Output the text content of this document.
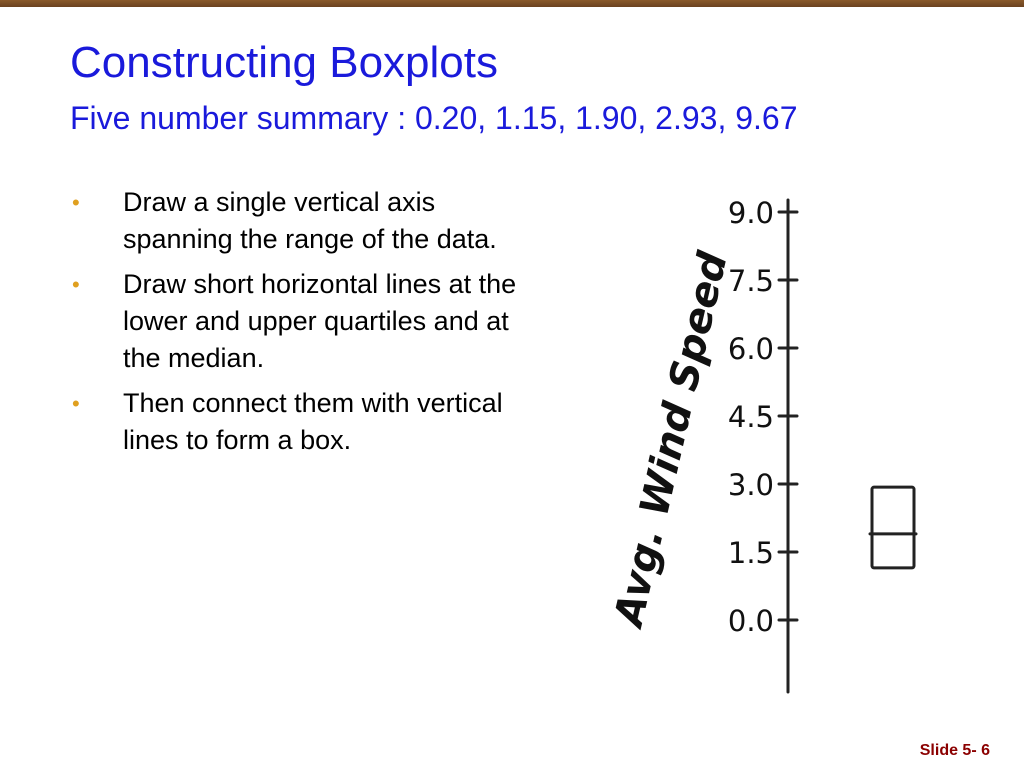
Constructing Boxplots
Five number summary : 0.20, 1.15, 1.90, 2.93, 9.67
• Draw a single vertical axis spanning the range of the data.
• Draw short horizontal lines at the lower and upper quartiles and at the median.
• Then connect them with vertical lines to form a box.	Avg. Wind Speed
0.0
1.5
3.0
4.5
6.0
7.5
9.0
Slide 5- 6
